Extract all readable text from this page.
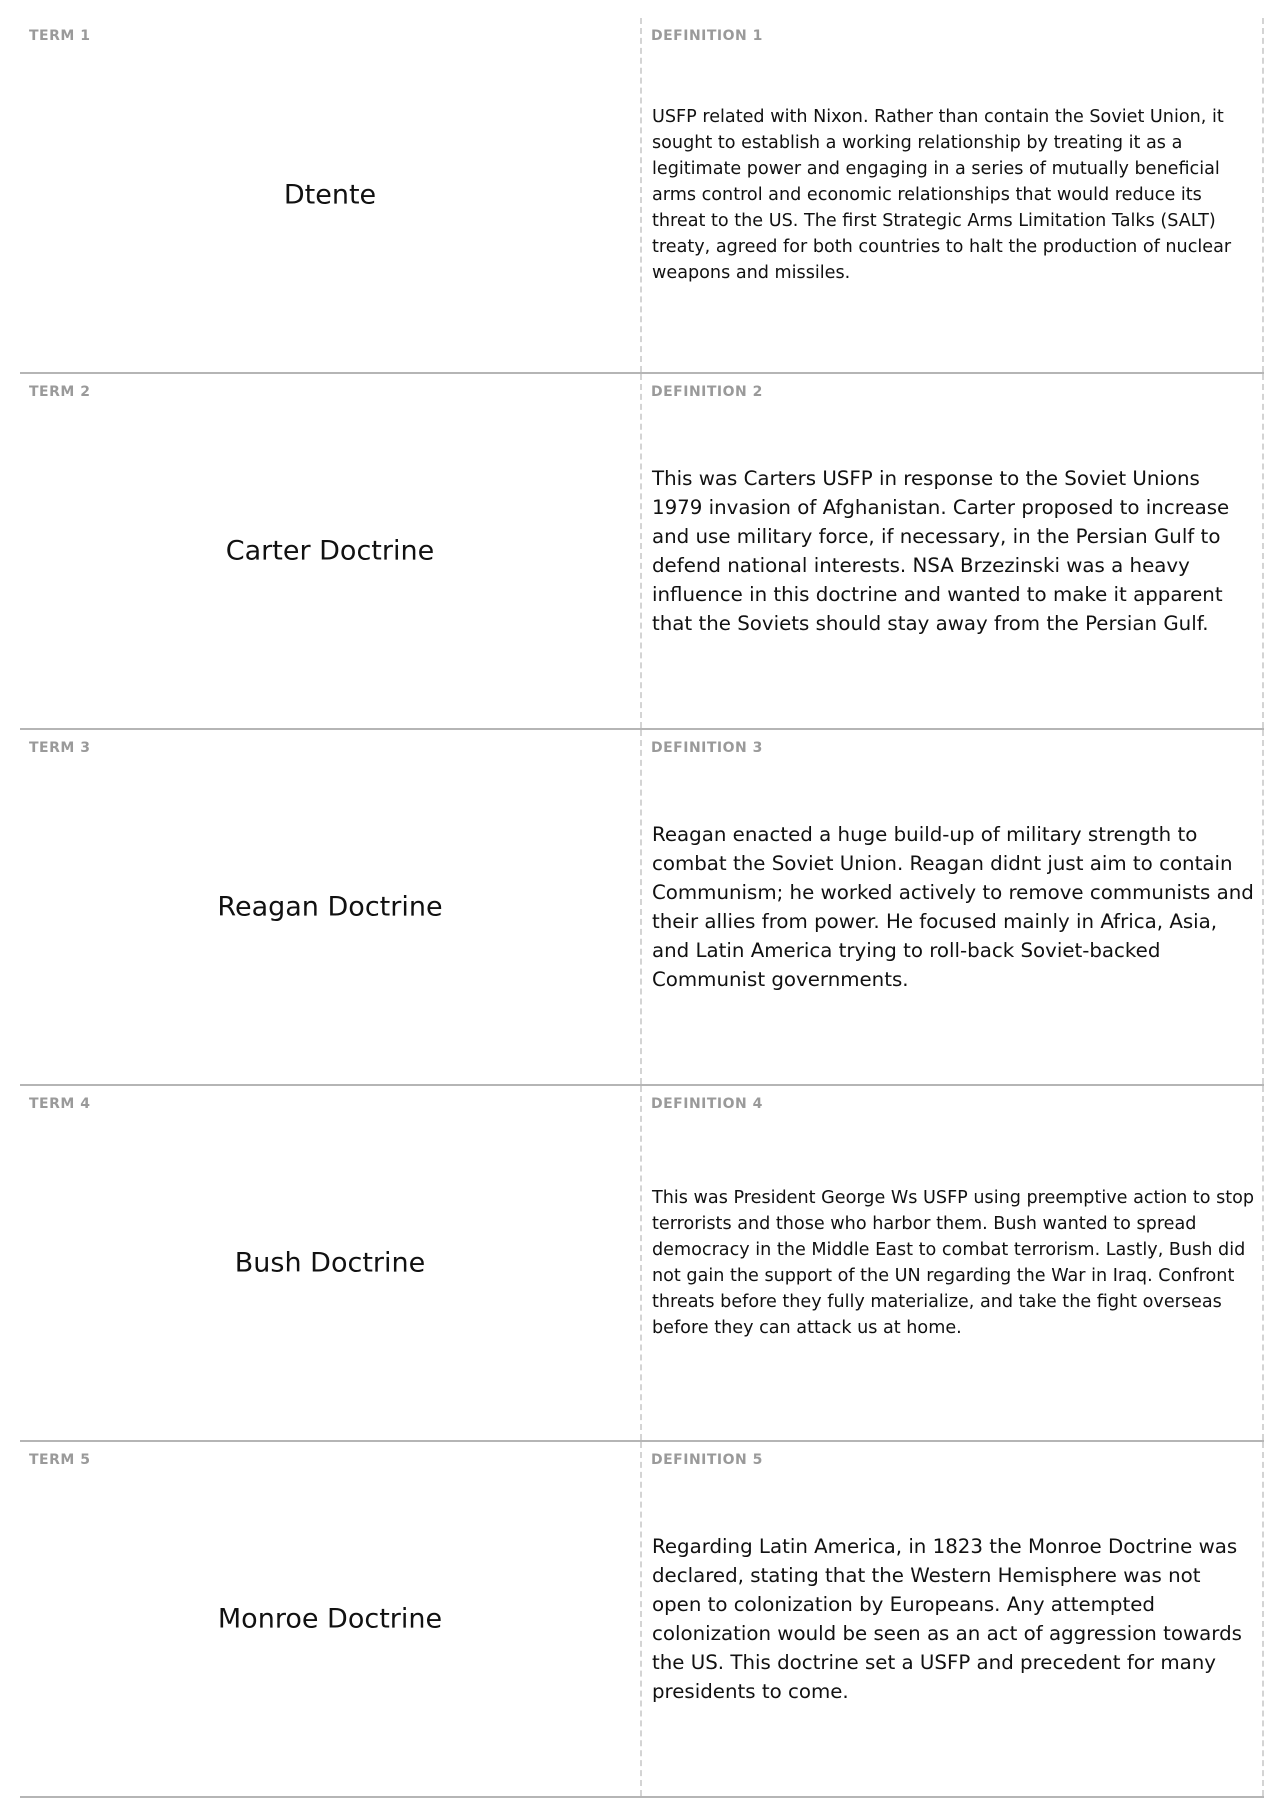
TERM 1
Dtente
DEFINITION 1

USFP related with Nixon. Rather than contain the Soviet Union, it sought to establish a working relationship by treating it as a legitimate power and engaging in a series of mutually beneficial arms control and economic relationships that would reduce its threat to the US. The first Strategic Arms Limitation Talks (SALT) treaty, agreed for both countries to halt the production of nuclear weapons and missiles.

TERM 2
Carter Doctrine
DEFINITION 2

This was Carters USFP in response to the Soviet Unions 1979 invasion of Afghanistan. Carter proposed to increase and use military force, if necessary, in the Persian Gulf to defend national interests. NSA Brzezinski was a heavy influence in this doctrine and wanted to make it apparent that the Soviets should stay away from the Persian Gulf.

TERM 3
Reagan Doctrine
DEFINITION 3

Reagan enacted a huge build-up of military strength to combat the Soviet Union. Reagan didnt just aim to contain Communism; he worked actively to remove communists and their allies from power. He focused mainly in Africa, Asia, and Latin America trying to roll-back Soviet-backed Communist governments.

TERM 4
Bush Doctrine
DEFINITION 4

This was President George Ws USFP using preemptive action to stop terrorists and those who harbor them. Bush wanted to spread democracy in the Middle East to combat terrorism. Lastly, Bush did not gain the support of the UN regarding the War in Iraq. Confront threats before they fully materialize, and take the fight overseas before they can attack us at home.

TERM 5
Monroe Doctrine
DEFINITION 5

Regarding Latin America, in 1823 the Monroe Doctrine was declared, stating that the Western Hemisphere was not open to colonization by Europeans. Any attempted colonization would be seen as an act of aggression towards the US. This doctrine set a USFP and precedent for many presidents to come.
